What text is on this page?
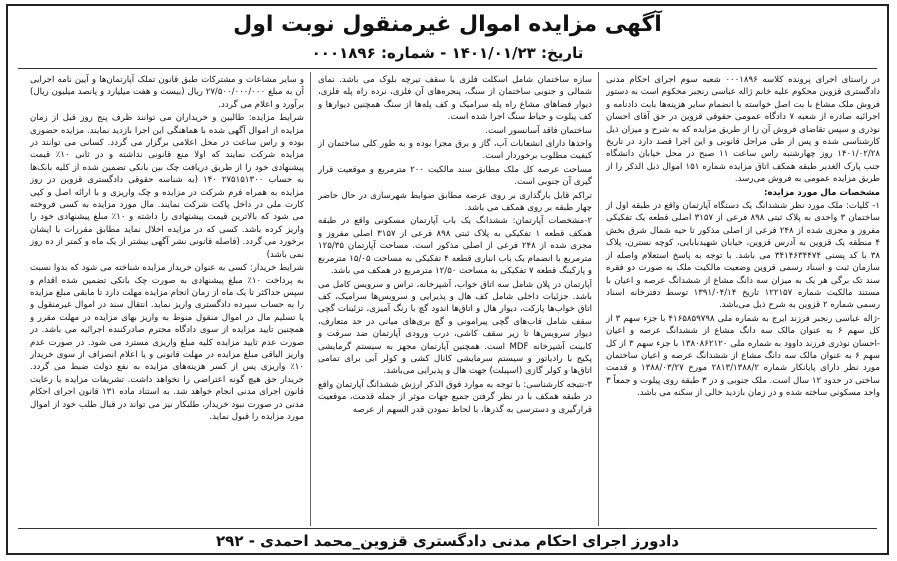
آگهی مزایده اموال غیرمنقول نوبت اول
تاریخ: ۱۴۰۱/۰۱/۲۳ - شماره: ۰۰۰۱۸۹۶

در راستای اجرای پرونده کلاسه ۰۰۰۱۸۹۶ شعبه سوم اجرای احکام مدنی دادگستری قزوین محکوم علیه خانم ژاله عباسی رنجبر محکوم است به دستور فروش ملک مشاع با بت اصل خواسته با انضمام سایر هزینه‌ها بابت دادنامه و اجرائیه صادره از شعبه ۷ دادگاه عمومی حقوقی قزوین در حق آقای احسان نوذری و سپس تقاضای فروش آن را از طریق مزایده که به شرح و میزان ذیل کارشناسی شده و پس از طی مراحل قانونی و این اجرا قصد دارد در تاریخ ۱۴۰۱/۰۲/۲۸ روز چهارشنبه راس ساعت ۱۱ صبح در محل خیابان دانشگاه جنب پارک الغدیر طبقه همکف اتاق مزایده شماره ۱۵۱ اموال ذیل الذکر را از طریق مزایده عمومی به فروش می‌رسد.

مشخصات مال مورد مزایده:

۱- کلیات: ملک مورد نظر ششدانگ یک دستگاه آپارتمان واقع در طبقه اول از ساختمان ۳ واحدی به پلاک ثبتی ۸۹۸ فرعی از ۳۱۵۷ اصلی قطعه یک تفکیکی مفروز و مجزی شده از ۲۴۸ فرعی از اصلی مذکور تا حیه شمال شرق بخش ۴ منطقه یک قزوین به آدرس قزوین، خیابان شهیدبابایی، کوچه نسترن، پلاک ۳۸ با کد پستی ۳۴۱۴۶۳۴۴۷۴ می باشد. با توجه به پاسخ استعلام واصله از سازمان ثبت و اسناد رسمی قزوین وضعیت مالکیت ملک به صورت دو فقره سند تک برگی هر یک به میزان سه دانگ مشاع از ششدانگ عرصه و اعیان با مستند مالکیت شماره ۱۲۲۱۵۷ تاریخ ۱۳۹۱/۰۴/۱۴ توسط دفترخانه اسناد رسمی شماره ۲ قزوین به شرح ذیل می‌باشد.

-ژاله عباسی رنجبر فرزند ایرج به شماره ملی ۴۱۶۵۸۵۹۷۹۸ با جزء سهم ۳ از کل سهم ۶ به عنوان مالک سه دانگ مشاع از ششدانگ عرصه و اعیان -احسان نوذری فرزند داوود به شماره ملی ۱۳۸۰۸۶۲۱۲۰ با جزء سهم ۳ از کل سهم ۶ به عنوان مالک سه دانگ مشاع از ششدانگ عرصه و اعیان ساختمان مورد نظر دارای پایانکار شماره ۲۸۱۳/۱۳۸۸/۲ مورخ ۱۳۸۸/۰۳/۲۷ و قدمت ساختی در حدود ۱۲ سال است. ملک جنوبی و در ۳ طبقه روی پیلوت و جمعاً ۳ واحد مسکونی ساخته شده و در زمان بازدید خالی از سکنه می باشد.

سازه ساختمان شامل اسکلت فلزی با سقف تیرچه بلوک می باشد. نمای شمالی و جنوبی ساختمان از سنگ، پنجره‌های آن فلزی، نرده راه پله فلزی، دیوار فضاهای مشاع راه پله سرامیک و کف پله‌ها از سنگ همچنین دیوارها و کف پیلوت و حیاط سنگ اجرا شده است.

ساختمان فاقد آسانسور است.

واحدها دارای انشعابات آب، گاز و برق مجزا بوده و به طور کلی ساختمان از کیفیت مطلوب برخوردار است.

مساحت عرصه کل ملک مطابق سند مالکیت ۲۰۰ مترمربع و موقعیت قرار گیری آن جنوبی است.

تراکم قابل بارگذاری بر روی عرصه مطابق ضوابط شهرسازی در حال حاضر چهار طبقه بر روی همکف می باشد.

۲-مشخصات آپارتمان: ششدانگ یک باب آپارتمان مسکونی واقع در طبقه همکف قطعه ۱ تفکیکی به پلاک ثبتی ۸۹۸ فرعی از ۳۱۵۷ اصلی مفروز و مجزی شده از ۲۴۸ فرعی از اصلی مذکور است. مساحت آپارتمان ۱۲۵/۳۵ مترمربع با انضمام یک باب انباری قطعه ۴ تفکیکی به مساحت ۱۵/۰۵ مترمربع و پارکینگ قطعه ۷ تفکیکی به مساحت ۱۲/۵۰ مترمربع در همکف می باشد.

آپارتمان در پلان شامل سه اتاق خواب، آشپزخانه، تراس و سرویس کامل می باشد. جزئیات داخلی شامل کف هال و پذیرایی و سرویس‌ها سرامیک، کف اتاق خواب‌ها پارکت، دیوار هال و اتاق‌ها اندود گچ با رنگ آمیزی، تزئینات گچی سقف شامل قاب‌های گچی پیرامونی و گچ بری‌های میانی در حد متعارف، دیوار سرویس‌ها تا زیر سقف کاشی، درب ورودی آپارتمان ضد سرقت و کابینت آشپزخانه MDF است. همچنین آپارتمان مجهز به سیستم گرمایشی پکیج با رادیاتور و سیستم سرمایشی کانال کشی و کولر آبی برای تمامی اتاق‌ها و کولر گازی (اسپیلت) جهت هال و پذیرایی می‌باشد.

۳-نتیجه کارشناسی: با توجه به موارد فوق الذکر ارزش ششدانگ آپارتمان واقع در طبقه همکف با در نظر گرفتن جمیع جهات موثر از جمله قدمت، موقعیت قرارگیری و دسترسی به گذرها، با لحاظ نمودن قدر السهم از عرصه

و سایر مشاعات و مشترکات طبق قانون تملک آپارتمان‌ها و آیین نامه اجرایی آن به مبلغ ۲۷/۵۰۰/۰۰۰/۰۰۰ ریال (بیست و هفت میلیارد و پانصد میلیون ریال) برآورد و اعلام می گردد.

شرایط مزایده: طالبین و خریداران می توانند ظرف پنج روز قبل از زمان مزایده از اموال آگهی شده با هماهنگی این اجرا بازدید نمایند. مزایده حضوری بوده و راس ساعت در محل اعلامی برگزار می گردد. کسانی می توانند در مزایده شرکت نمایند که اولا منع قانونی نداشته و در ثانی ۱۰٪ قیمت پیشنهادی خود را از طریق دریافت چک بین بانکی تضمین شده از کلیه بانک‌ها به حساب ۲۷۵۱۵۱۳۰۰ ۱۴۰ (به شناسه حقوقی دادگستری قزوین در روز مزایده به همراه فرم شرکت در مزایده و چک واریزی و با ارائه اصل و کپی کارت ملی در داخل پاکت شرکت نمایند. مال مورد مزایده به کسی فروخته می شود که بالاترین قیمت پیشنهادی را داشته و ۱۰٪ مبلغ پیشنهادی خود را واریز کرده باشد. کسی که در مزایده اخلال نماید مطابق مقررات با ایشان برخورد می گردد. (فاصله قانونی نشر آگهی بیشتر از یک ماه و کمتر از ده روز نمی باشد)

شرایط خریدار: کسی به عنوان خریدار مزایده شناخته می شود که بدوا نسبت به پرداخت ۱۰٪ مبلغ پیشنهادی به صورت چک بانکی تضمین شده اقدام و سپس حداکثر تا یک ماه از زمان انجام مزایده مهلت دارد تا مابقی مبلغ مزایده را به حساب سپرده دادگستری واریز نماید. انتقال سند در اموال غیرمنقول و یا تسلیم مال در اموال منقول منوط به واریز بهای مزایده در مهلت مقرر و همچنین تایید مزایده از سوی دادگاه محترم صادرکننده اجرائیه می باشد. در صورت عدم تایید مزایده کلیه مبلغ واریزی مسترد می شود. در صورت عدم واریز الباقی مبلغ مزایده در مهلت قانونی و یا اعلام انصراف از سوی خریدار ۱۰٪ واریزی پس از کسر هزینه‌های مزایده به نفع دولت ضبط می گردد. خریدار حق هیچ گونه اعتراضی را نخواهد داشت. تشریفات مزایده با رعایت قانون اجرای مدنی انجام خواهد شد. به استناد ماده ۱۳۱ قانون اجرای احکام مدنی در صورت نبود خریدار، طلبکار نیز می تواند در قبال طلب خود از اموال مورد مزایده را قبول نماید.

دادورز اجرای احکام مدنی دادگستری قزوین_محمد احمدی - ۲۹۲
